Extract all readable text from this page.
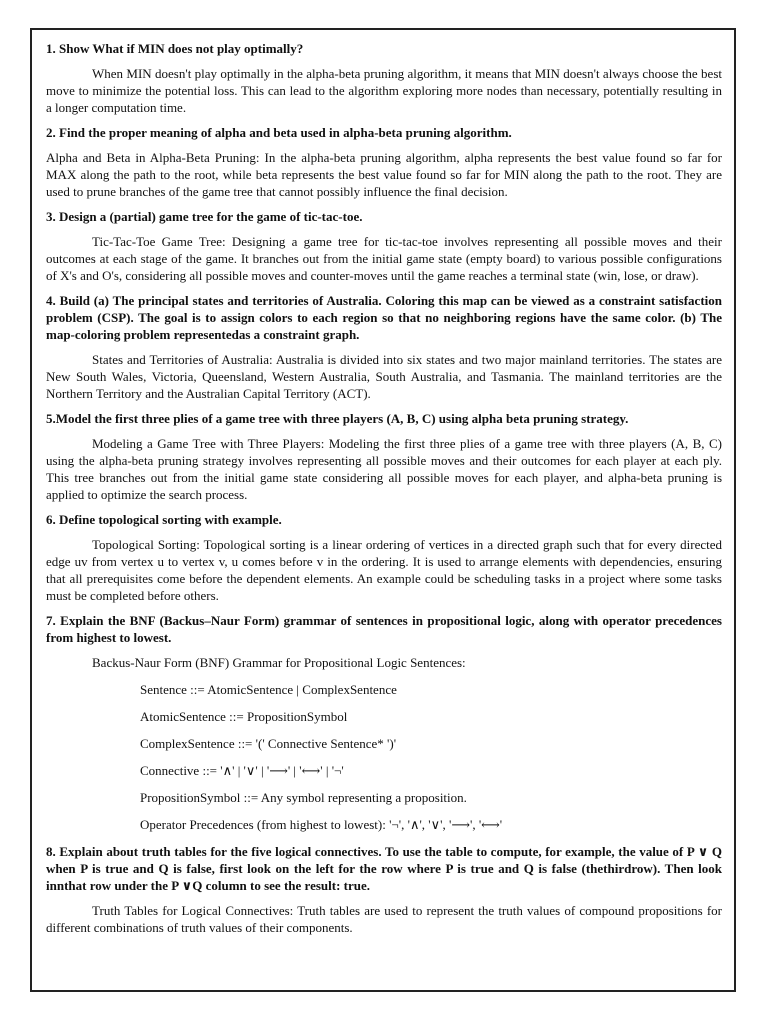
1. Show What if MIN does not play optimally?

When MIN doesn't play optimally in the alpha-beta pruning algorithm, it means that MIN doesn't always choose the best move to minimize the potential loss. This can lead to the algorithm exploring more nodes than necessary, potentially resulting in a longer computation time.

2. Find the proper meaning of alpha and beta used in alpha-beta pruning algorithm.

Alpha and Beta in Alpha-Beta Pruning: In the alpha-beta pruning algorithm, alpha represents the best value found so far for MAX along the path to the root, while beta represents the best value found so far for MIN along the path to the root. They are used to prune branches of the game tree that cannot possibly influence the final decision.

3. Design a (partial) game tree for the game of tic-tac-toe.

Tic-Tac-Toe Game Tree: Designing a game tree for tic-tac-toe involves representing all possible moves and their outcomes at each stage of the game. It branches out from the initial game state (empty board) to various possible configurations of X's and O's, considering all possible moves and counter-moves until the game reaches a terminal state (win, lose, or draw).

4. Build (a) The principal states and territories of Australia. Coloring this map can be viewed as a constraint satisfaction problem (CSP). The goal is to assign colors to each region so that no neighboring regions have the same color. (b) The map-coloring problem representedas a constraint graph.

States and Territories of Australia: Australia is divided into six states and two major mainland territories. The states are New South Wales, Victoria, Queensland, Western Australia, South Australia, and Tasmania. The mainland territories are the Northern Territory and the Australian Capital Territory (ACT).

5.Model the first three plies of a game tree with three players (A, B, C) using alpha beta pruning strategy.

Modeling a Game Tree with Three Players: Modeling the first three plies of a game tree with three players (A, B, C) using the alpha-beta pruning strategy involves representing all possible moves and their outcomes for each player at each ply. This tree branches out from the initial game state considering all possible moves for each player, and alpha-beta pruning is applied to optimize the search process.

6. Define topological sorting with example.

Topological Sorting: Topological sorting is a linear ordering of vertices in a directed graph such that for every directed edge uv from vertex u to vertex v, u comes before v in the ordering. It is used to arrange elements with dependencies, ensuring that all prerequisites come before the dependent elements. An example could be scheduling tasks in a project where some tasks must be completed before others.

7. Explain the BNF (Backus–Naur Form) grammar of sentences in propositional logic, along with operator precedences from highest to lowest.

Backus-Naur Form (BNF) Grammar for Propositional Logic Sentences:

Sentence ::= AtomicSentence | ComplexSentence

AtomicSentence ::= PropositionSymbol

ComplexSentence ::= '(' Connective Sentence* ')'

Connective ::= '∧' | '∨' | '⟶' | '⟷' | '¬'

PropositionSymbol ::= Any symbol representing a proposition.

Operator Precedences (from highest to lowest): '¬', '∧', '∨', '⟶', '⟷'

8. Explain about truth tables for the five logical connectives. To use the table to compute, for example, the value of P ∨ Q when P is true and Q is false, first look on the left for the row where P is true and Q is false (thethirdrow). Then look innthat row under the P ∨Q column to see the result: true.

Truth Tables for Logical Connectives: Truth tables are used to represent the truth values of compound propositions for different combinations of truth values of their components.
